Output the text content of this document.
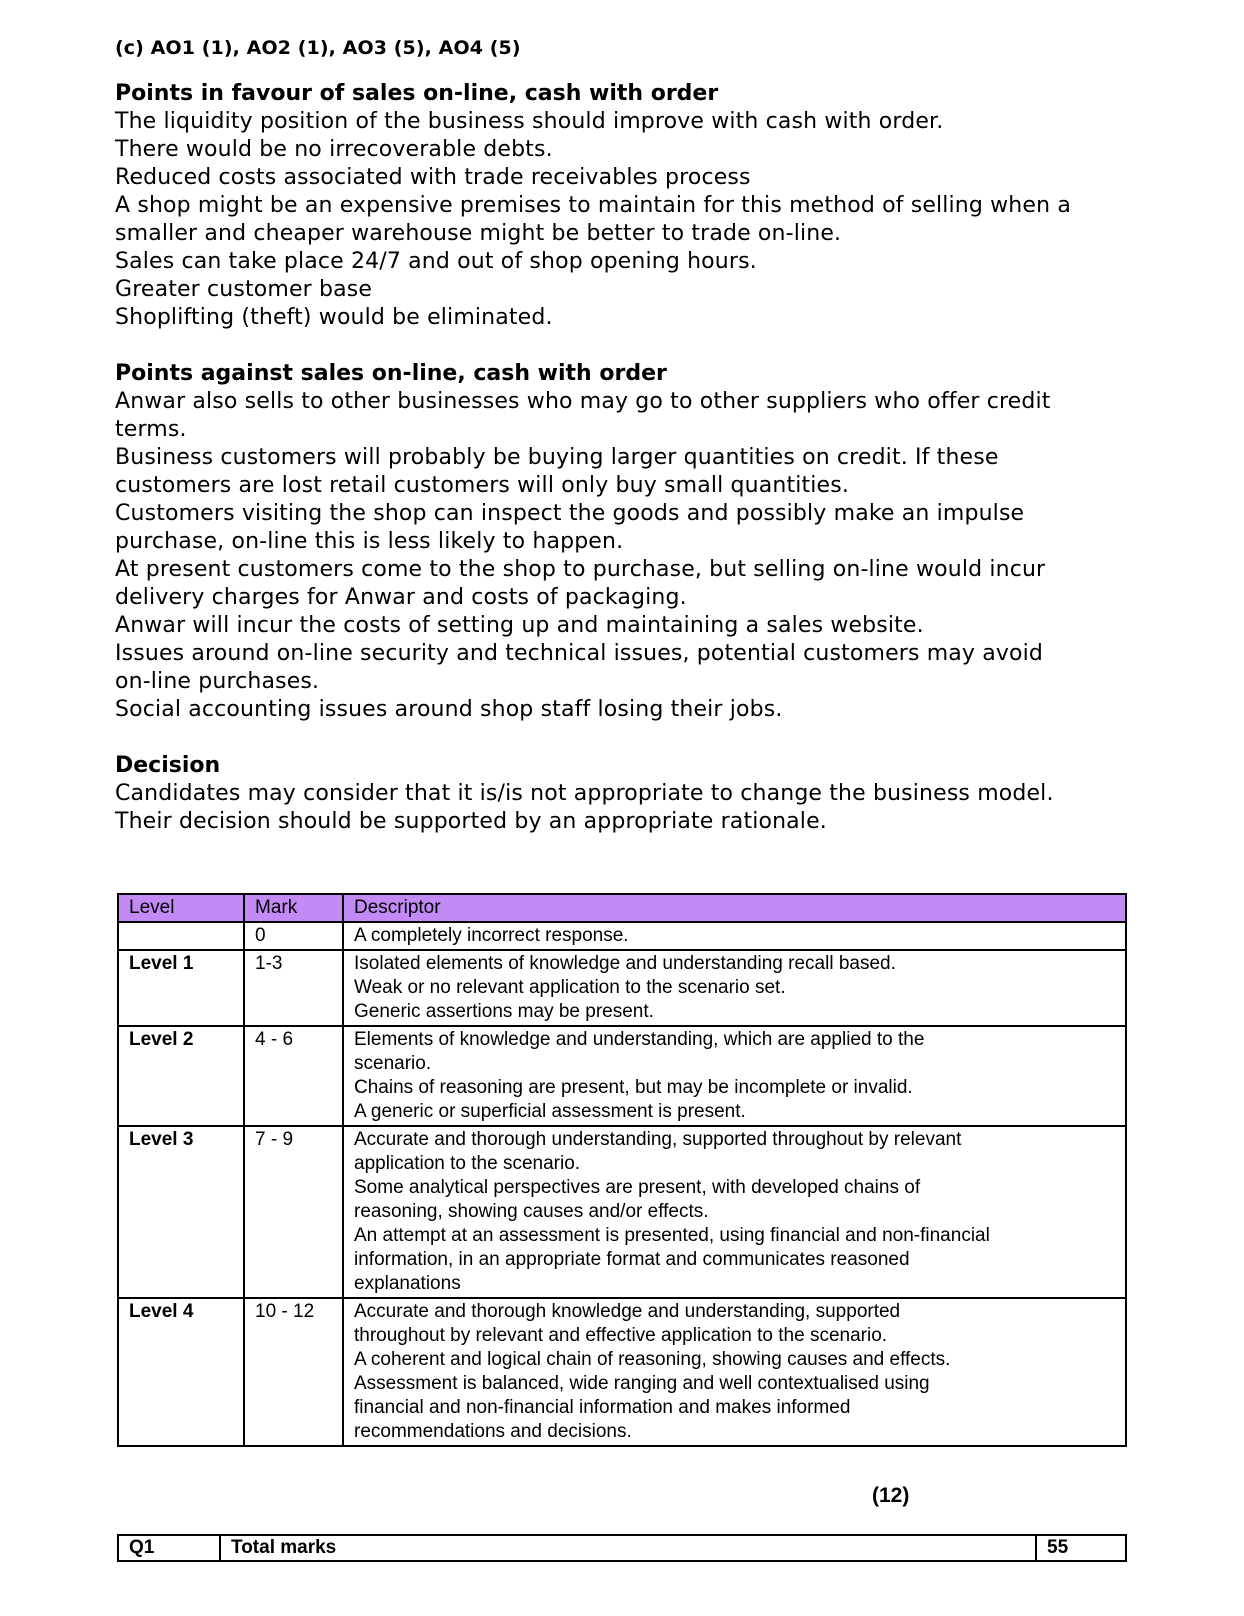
(c) AO1 (1), AO2 (1), AO3 (5), AO4 (5)

Points in favour of sales on-line, cash with order

The liquidity position of the business should improve with cash with order.

There would be no irrecoverable debts.

Reduced costs associated with trade receivables process

A shop might be an expensive premises to maintain for this method of selling when a

smaller and cheaper warehouse might be better to trade on-line.

Sales can take place 24/7 and out of shop opening hours.

Greater customer base

Shoplifting (theft) would be eliminated.

Points against sales on-line, cash with order

Anwar also sells to other businesses who may go to other suppliers who offer credit

terms.

Business customers will probably be buying larger quantities on credit. If these

customers are lost retail customers will only buy small quantities.

Customers visiting the shop can inspect the goods and possibly make an impulse

purchase, on-line this is less likely to happen.

At present customers come to the shop to purchase, but selling on-line would incur

delivery charges for Anwar and costs of packaging.

Anwar will incur the costs of setting up and maintaining a sales website.

Issues around on-line security and technical issues, potential customers may avoid

on-line purchases.

Social accounting issues around shop staff losing their jobs.

Decision

Candidates may consider that it is/is not appropriate to change the business model.

Their decision should be supported by an appropriate rationale.

Level	Mark	Descriptor
	0	A completely incorrect response.

Level 1	1-3	Isolated elements of knowledge and understanding recall based.
Weak or no relevant application to the scenario set.
Generic assertions may be present.

Level 2	4 - 6	Elements of knowledge and understanding, which are applied to the
scenario.
Chains of reasoning are present, but may be incomplete or invalid.
A generic or superficial assessment is present.

Level 3	7 - 9	Accurate and thorough understanding, supported throughout by relevant
application to the scenario.
Some analytical perspectives are present, with developed chains of
reasoning, showing causes and/or effects.
An attempt at an assessment is presented, using financial and non-financial
information, in an appropriate format and communicates reasoned
explanations

Level 4	10 - 12	Accurate and thorough knowledge and understanding, supported
throughout by relevant and effective application to the scenario.
A coherent and logical chain of reasoning, showing causes and effects.
Assessment is balanced, wide ranging and well contextualised using
financial and non-financial information and makes informed
recommendations and decisions.
(12)
Q1	Total marks	55
